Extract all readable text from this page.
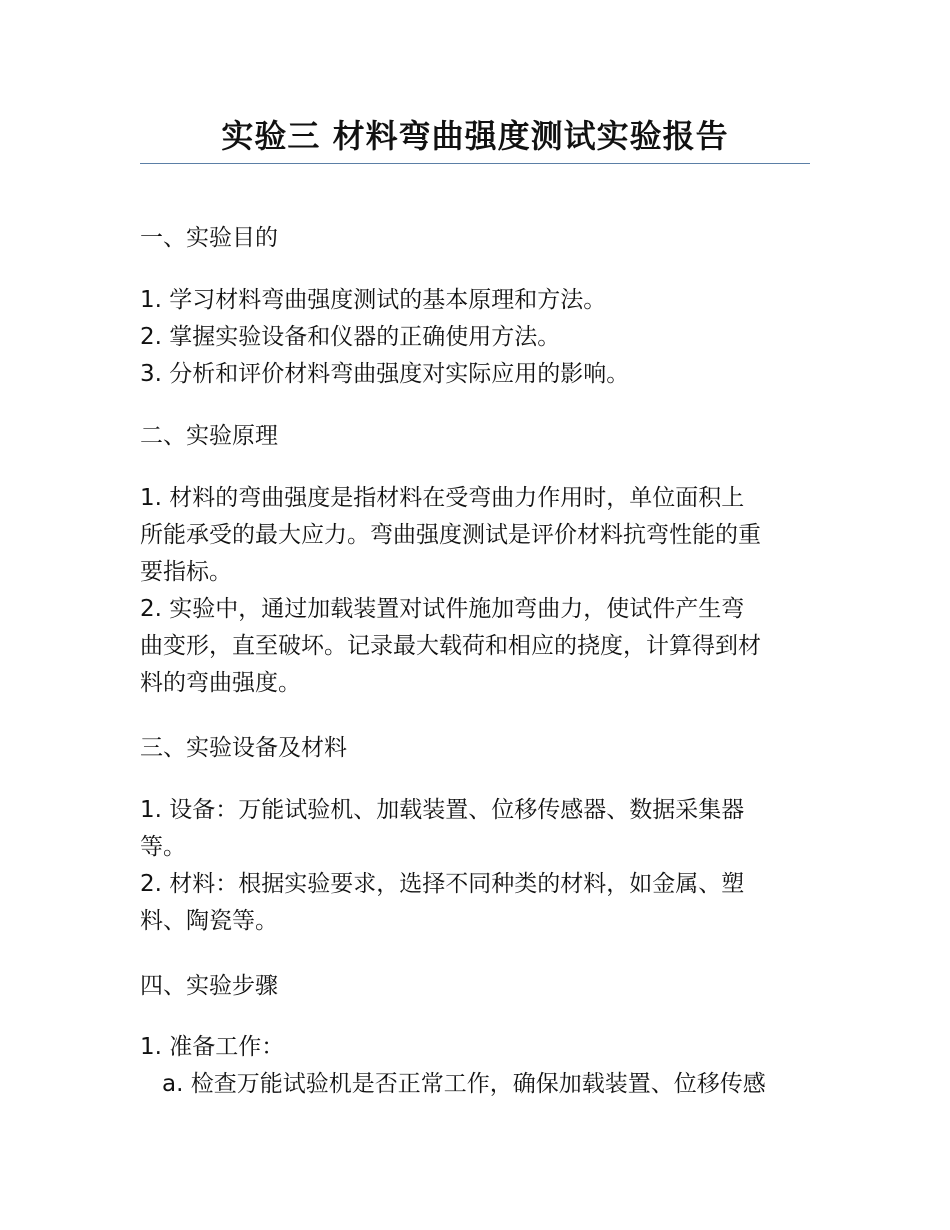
实验三 材料弯曲强度测试实验报告
一、实验目的
1. 学习材料弯曲强度测试的基本原理和方法。
2. 掌握实验设备和仪器的正确使用方法。
3. 分析和评价材料弯曲强度对实际应用的影响。
二、实验原理
1. 材料的弯曲强度是指材料在受弯曲力作用时，单位面积上
所能承受的最大应力。弯曲强度测试是评价材料抗弯性能的重
要指标。
2. 实验中，通过加载装置对试件施加弯曲力，使试件产生弯
曲变形，直至破坏。记录最大载荷和相应的挠度，计算得到材
料的弯曲强度。
三、实验设备及材料
1. 设备：万能试验机、加载装置、位移传感器、数据采集器
等。
2. 材料：根据实验要求，选择不同种类的材料，如金属、塑
料、陶瓷等。
四、实验步骤
1. 准备工作：
a. 检查万能试验机是否正常工作，确保加载装置、位移传感
